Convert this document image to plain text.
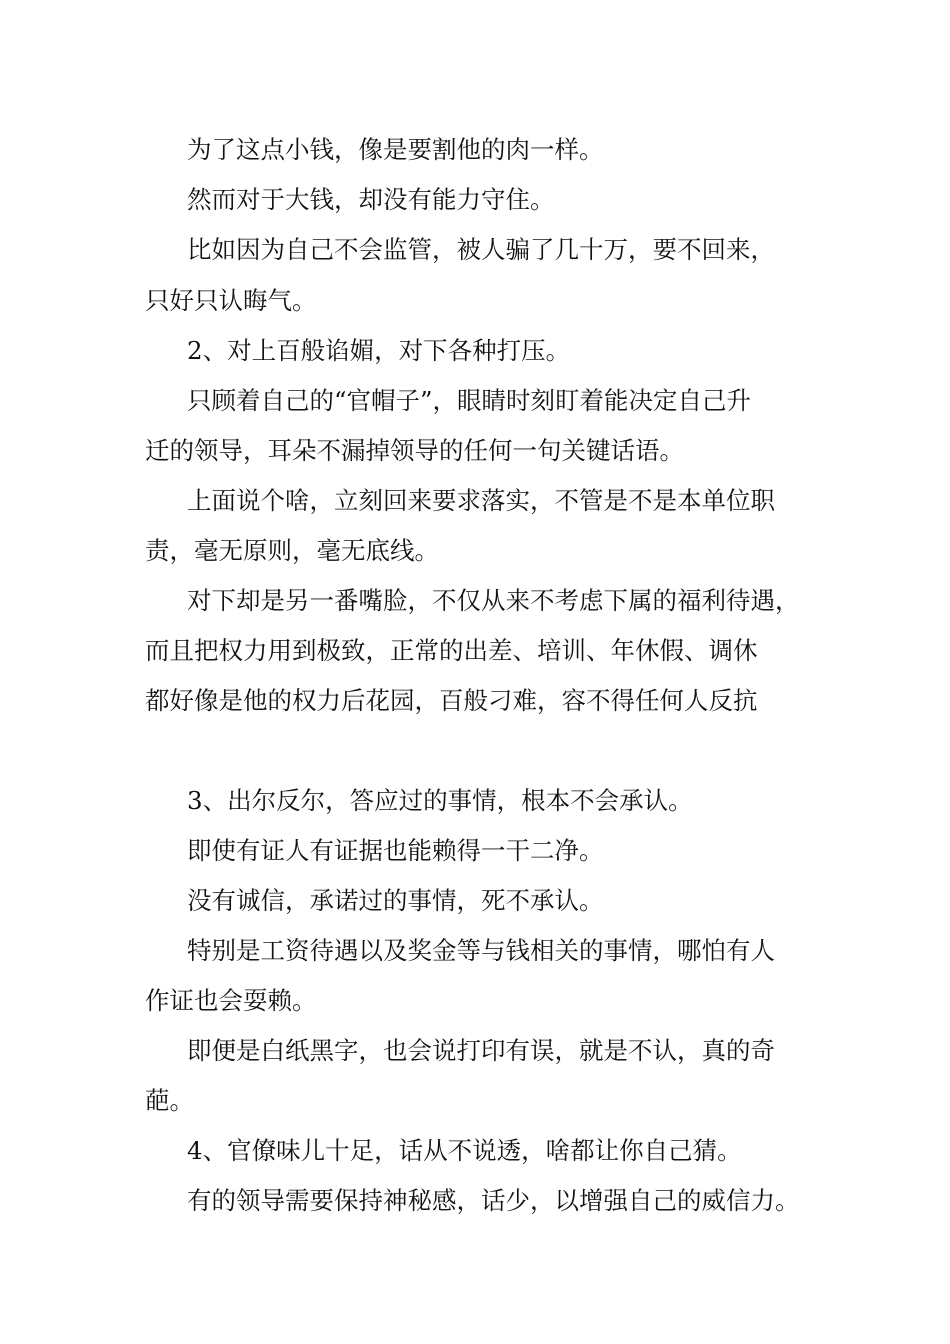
为了这点小钱，像是要割他的肉一样。
然而对于大钱，却没有能力守住。
比如因为自己不会监管，被人骗了几十万，要不回来，
只好只认晦气。
2、对上百般谄媚，对下各种打压。
只顾着自己的“官帽子”，眼睛时刻盯着能决定自己升
迁的领导，耳朵不漏掉领导的任何一句关键话语。
上面说个啥，立刻回来要求落实，不管是不是本单位职
责，毫无原则，毫无底线。
对下却是另一番嘴脸，不仅从来不考虑下属的福利待遇，
而且把权力用到极致，正常的出差、培训、年休假、调休
都好像是他的权力后花园，百般刁难，容不得任何人反抗
3、出尔反尔，答应过的事情，根本不会承认。
即使有证人有证据也能赖得一干二净。
没有诚信，承诺过的事情，死不承认。
特别是工资待遇以及奖金等与钱相关的事情，哪怕有人
作证也会耍赖。
即便是白纸黑字，也会说打印有误，就是不认，真的奇
葩。
4、官僚味儿十足，话从不说透，啥都让你自己猜。
有的领导需要保持神秘感，话少，以增强自己的威信力。
